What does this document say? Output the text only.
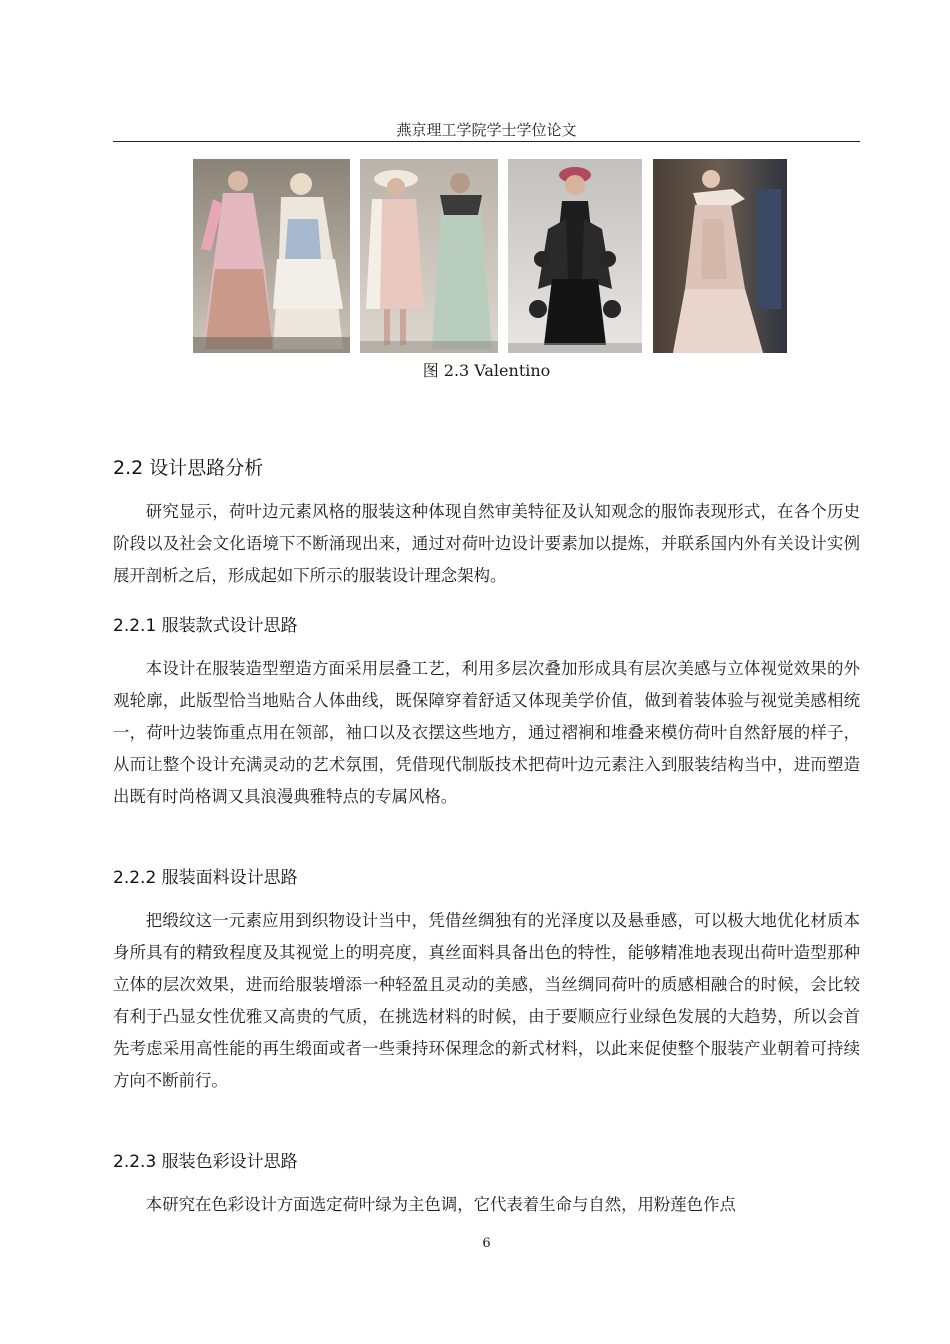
燕京理工学院学士学位论文
图 2.3 Valentino
2.2 设计思路分析

研究显示，荷叶边元素风格的服装这种体现自然审美特征及认知观念的服饰表现形式，在各个历史阶段以及社会文化语境下不断涌现出来，通过对荷叶边设计要素加以提炼，并联系国内外有关设计实例展开剖析之后，形成起如下所示的服装设计理念架构。

2.2.1 服装款式设计思路

本设计在服装造型塑造方面采用层叠工艺，利用多层次叠加形成具有层次美感与立体视觉效果的外观轮廓，此版型恰当地贴合人体曲线，既保障穿着舒适又体现美学价值，做到着装体验与视觉美感相统一，荷叶边装饰重点用在领部，袖口以及衣摆这些地方，通过褶裥和堆叠来模仿荷叶自然舒展的样子，从而让整个设计充满灵动的艺术氛围，凭借现代制版技术把荷叶边元素注入到服装结构当中，进而塑造出既有时尚格调又具浪漫典雅特点的专属风格。

2.2.2 服装面料设计思路

把缎纹这一元素应用到织物设计当中，凭借丝绸独有的光泽度以及悬垂感，可以极大地优化材质本身所具有的精致程度及其视觉上的明亮度，真丝面料具备出色的特性，能够精准地表现出荷叶造型那种立体的层次效果，进而给服装增添一种轻盈且灵动的美感，当丝绸同荷叶的质感相融合的时候，会比较有利于凸显女性优雅又高贵的气质，在挑选材料的时候，由于要顺应行业绿色发展的大趋势，所以会首先考虑采用高性能的再生缎面或者一些秉持环保理念的新式材料，以此来促使整个服装产业朝着可持续方向不断前行。

2.2.3 服装色彩设计思路

本研究在色彩设计方面选定荷叶绿为主色调，它代表着生命与自然，用粉莲色作点

6
